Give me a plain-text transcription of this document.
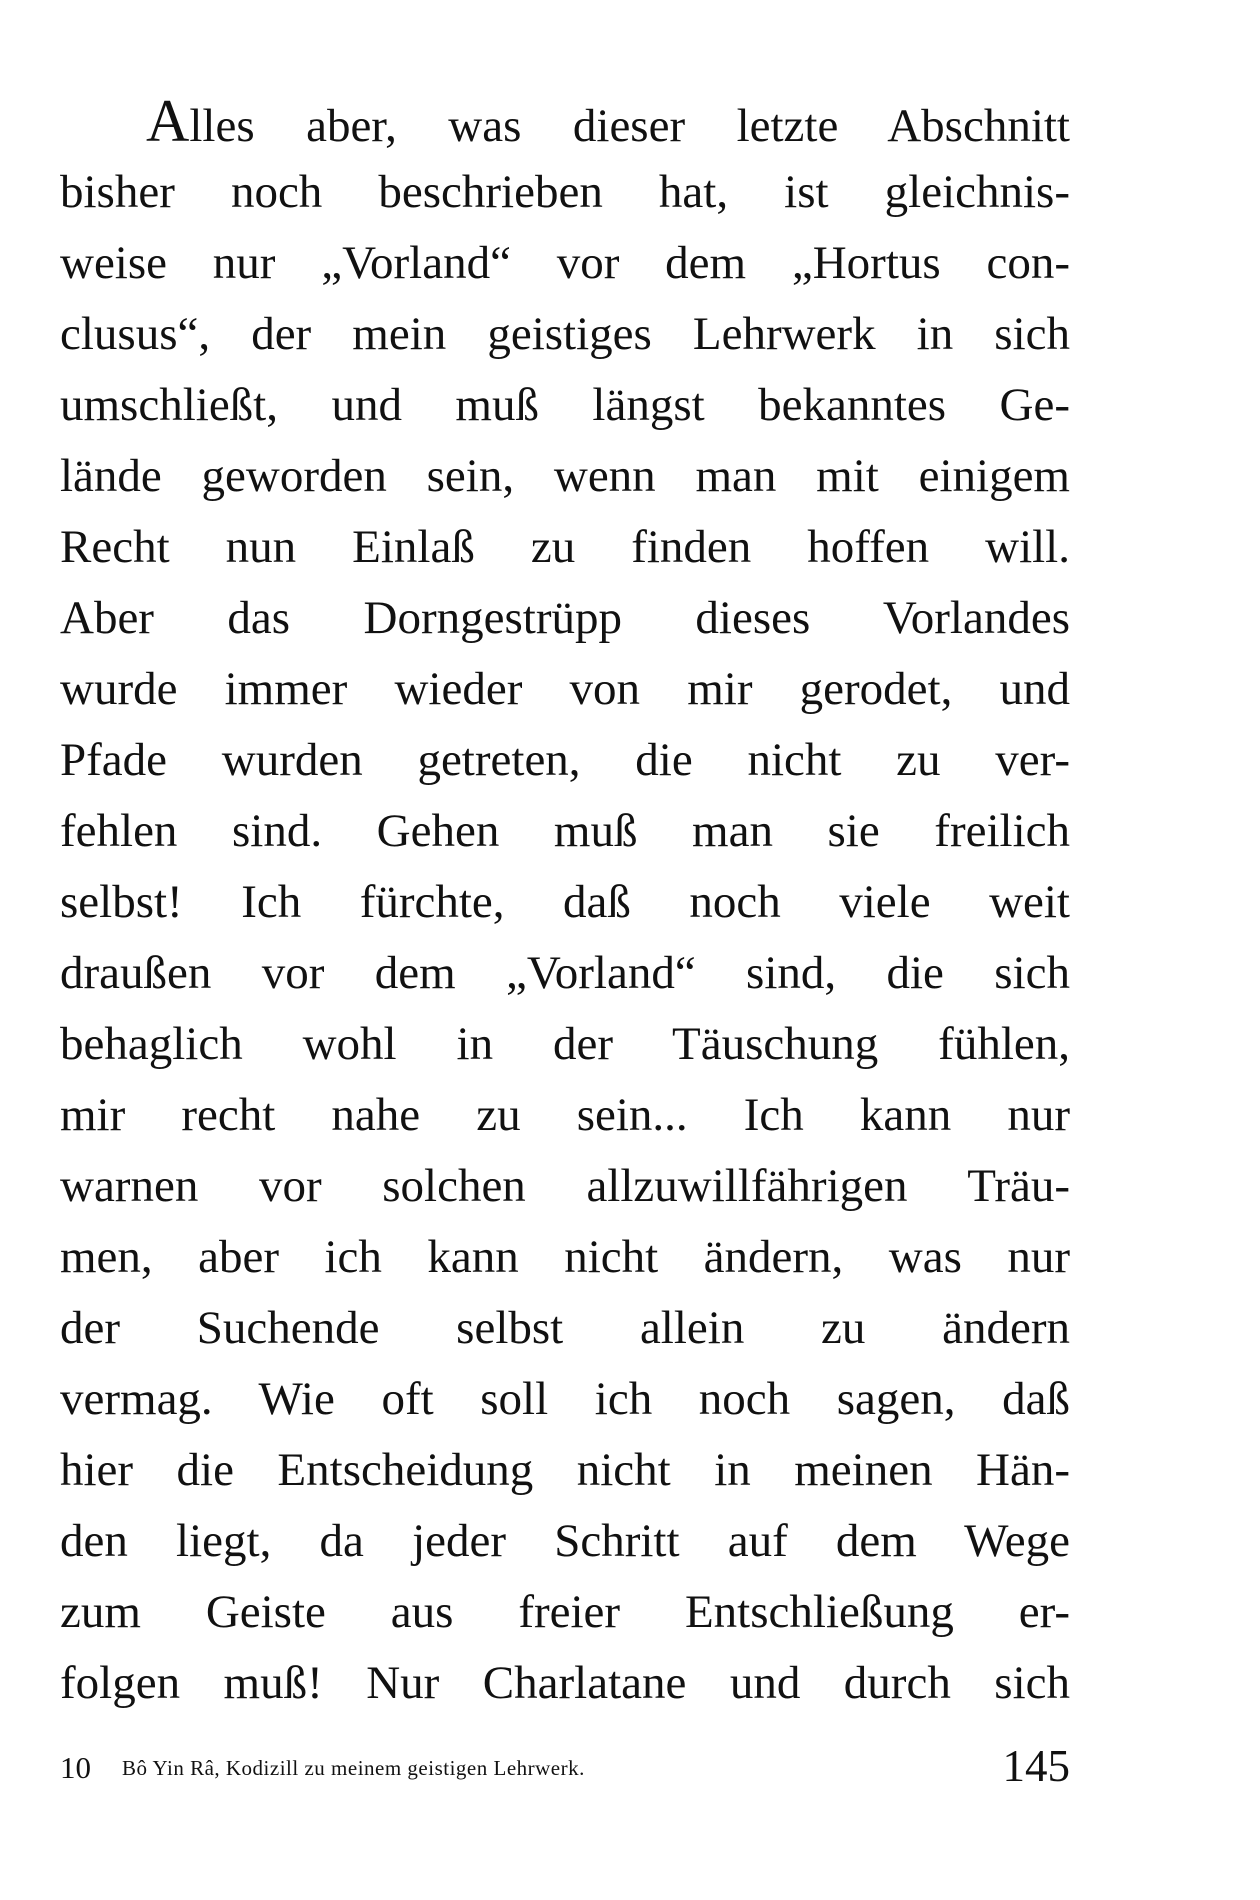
Alles aber, was dieser letzte Abschnitt
bisher noch beschrieben hat, ist gleichnis-
weise nur „Vorland“ vor dem „Hortus con-
clusus“, der mein geistiges Lehrwerk in sich
umschließt, und muß längst bekanntes Ge-
lände geworden sein, wenn man mit einigem
Recht nun Einlaß zu finden hoffen will.
Aber das Dorngestrüpp dieses Vorlandes
wurde immer wieder von mir gerodet, und
Pfade wurden getreten, die nicht zu ver-
fehlen sind. Gehen muß man sie freilich
selbst! Ich fürchte, daß noch viele weit
draußen vor dem „Vorland“ sind, die sich
behaglich wohl in der Täuschung fühlen,
mir recht nahe zu sein... Ich kann nur
warnen vor solchen allzuwillfährigen Träu-
men, aber ich kann nicht ändern, was nur
der Suchende selbst allein zu ändern
vermag. Wie oft soll ich noch sagen, daß
hier die Entscheidung nicht in meinen Hän-
den liegt, da jeder Schritt auf dem Wege
zum Geiste aus freier Entschließung er-
folgen muß! Nur Charlatane und durch sich
10 Bô Yin Râ, Kodizill zu meinem geistigen Lehrwerk.	145
